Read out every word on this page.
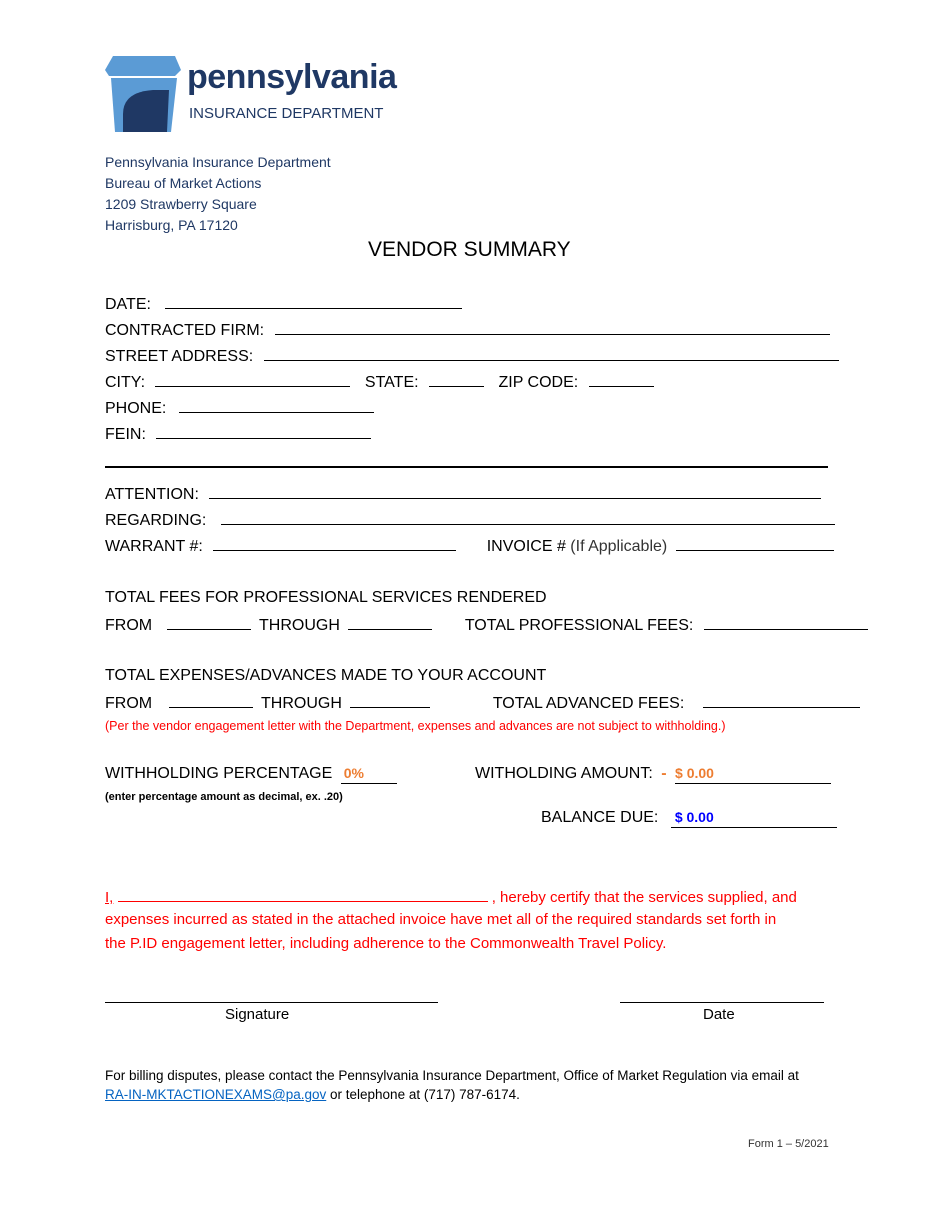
pennsylvania
INSURANCE DEPARTMENT
Pennsylvania Insurance Department
Bureau of Market Actions
1209 Strawberry Square
Harrisburg, PA 17120
VENDOR SUMMARY
DATE:
CONTRACTED FIRM:
STREET ADDRESS:
CITY:	STATE:	ZIP CODE:
PHONE:
FEIN:
ATTENTION:
REGARDING:
WARRANT #:	INVOICE # (If Applicable)
TOTAL FEES FOR PROFESSIONAL SERVICES RENDERED
FROM	THROUGH	TOTAL PROFESSIONAL FEES:
TOTAL EXPENSES/ADVANCES MADE TO YOUR ACCOUNT
FROM	THROUGH	TOTAL ADVANCED FEES:
(Per the vendor engagement letter with the Department, expenses and advances are not subject to withholding.)
WITHHOLDING PERCENTAGE 0%
(enter percentage amount as decimal, ex. .20)
WITHOLDING AMOUNT: - $ 0.00
BALANCE DUE: $ 0.00
I,	, hereby certify that the services supplied, and
expenses incurred as stated in the attached invoice have met all of the required standards set forth in
the P.ID engagement letter, including adherence to the Commonwealth Travel Policy.
Signature	Date
For billing disputes, please contact the Pennsylvania Insurance Department, Office of Market Regulation via email at
RA-IN-MKTACTIONEXAMS@pa.gov or telephone at (717) 787-6174.
Form 1 – 5/2021
